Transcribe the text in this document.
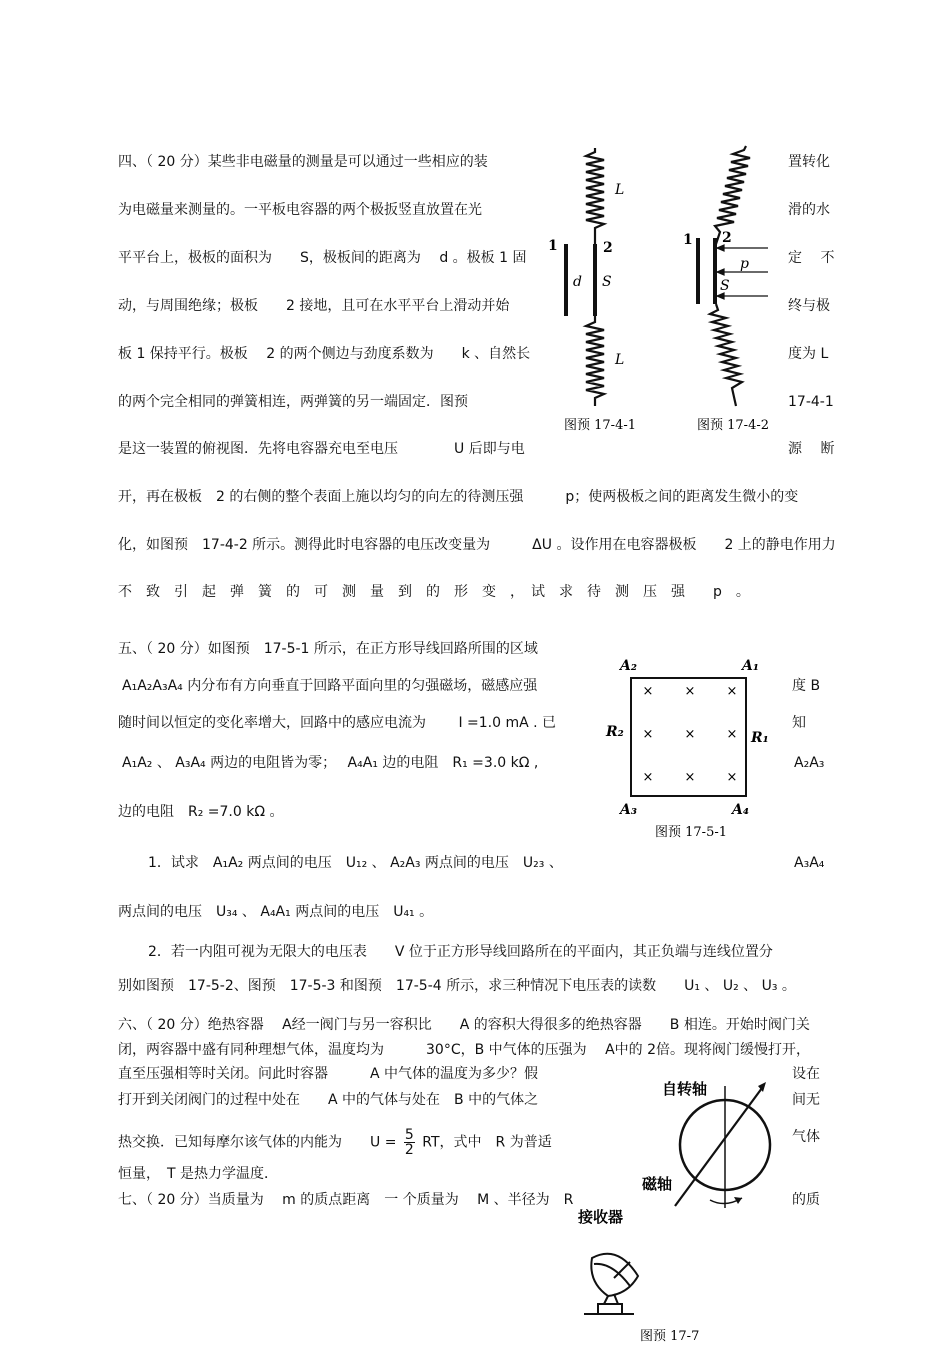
四、（ 20 分）某些非电磁量的测量是可以通过一些相应的装	置转化
为电磁量来测量的。一平板电容器的两个极扳竖直放置在光	滑的水
平平台上，极板的面积为　　S，极板间的距离为　 d 。极板 1 固	定　 不
动，与周围绝缘；极板　　2 接地，且可在水平平台上滑动并始	终与极
板 1 保持平行。极板　 2 的两个侧边与劲度系数为　　k 、自然长	度为 L
的两个完全相同的弹簧相连，两弹簧的另一端固定．图预	17-4-1
是这一装置的俯视图．先将电容器充电至电压　　　　U 后即与电	源　 断
开，再在极板　2 的右侧的整个表面上施以均匀的向左的待测压强　　　p；使两极板之间的距离发生微小的变
化，如图预　17-4-2 所示。测得此时电容器的电压改变量为　　　ΔU 。设作用在电容器极板　　2 上的静电作用力
不　致　引　起　弹　簧　的　可　测　量　到　的　形　变　，　试　求　待　测　压　强　　p　。
L
L
1	2
d S
图预 17-4-1
1 2
p
S
图预 17-4-2
五、（ 20 分）如图预　17-5-1 所示，在正方形导线回路所围的区域
A₁A₂A₃A₄ 内分布有方向垂直于回路平面向里的匀强磁场，磁感应强	度 B
随时间以恒定的变化率增大，回路中的感应电流为　　 I =1.0 mA . 已	知
A₁A₂ 、 A₃A₄ 两边的电阻皆为零；　 A₄A₁ 边的电阻　R₁ =3.0 kΩ ,	A₂A₃
边的电阻　R₂ =7.0 kΩ 。
1．试求　A₁A₂ 两点间的电压　U₁₂ 、 A₂A₃ 两点间的电压　U₂₃ 、	A₃A₄
两点间的电压　U₃₄ 、 A₄A₁ 两点间的电压　U₄₁ 。
2．若一内阻可视为无限大的电压表　　V 位于正方形导线回路所在的平面内，其正负端与连线位置分
别如图预　17-5-2、图预　17-5-3 和图预　17-5-4 所示，求三种情况下电压表的读数　　U₁ 、 U₂ 、 U₃ 。
× × ×
× × ×
× × ×
A₂	A₁
A₃	A₄
R₂	R₁
图预 17-5-1
六、（ 20 分）绝热容器　 A经一阀门与另一容积比　　A 的容积大得很多的绝热容器　　B 相连。开始时阀门关
闭，两容器中盛有同种理想气体，温度均为　　　30°C，B 中气体的压强为　 A中的 2倍。现将阀门缓慢打开，
直至压强相等时关闭。问此时容器　　　A 中气体的温度为多少？假	设在
打开到关闭阀门的过程中处在　　A 中的气体与处在　B 中的气体之	间无
热交换．已知每摩尔该气体的内能为　　$U = \frac{5}{2}$ RT，式中　R 为普适	气体
恒量，　T 是热力学温度．
七、（ 20 分）当质量为　 m 的质点距离　一 个质量为　 M 、半径为　R	的质
自转轴
磁轴
接收器
图预 17-7
